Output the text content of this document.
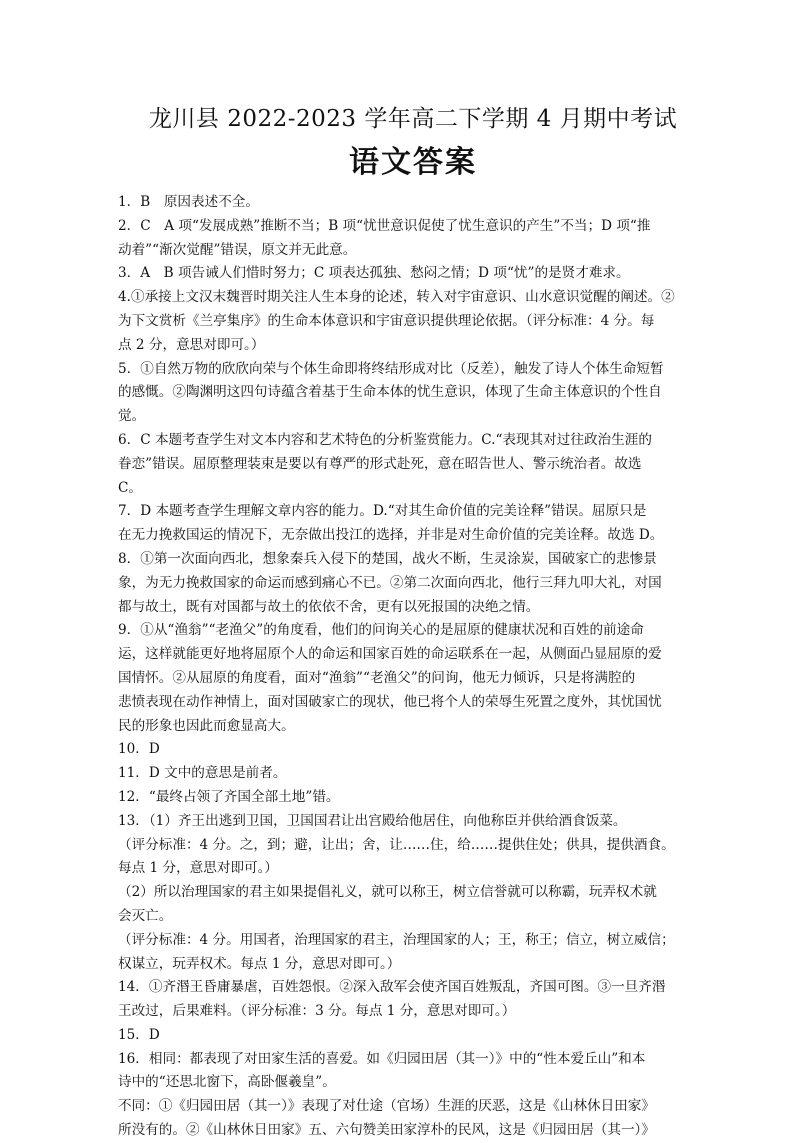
龙川县 2022-2023 学年高二下学期 4 月期中考试
语文答案
1．B　原因表述不全。
2．C　A 项“发展成熟”推断不当；B 项“忧世意识促使了忧生意识的产生”不当；D 项“推
动着”“渐次觉醒”错误，原文并无此意。
3．A　B 项告诫人们惜时努力；C 项表达孤独、愁闷之情；D 项“忧”的是贤才难求。
4.①承接上文汉末魏晋时期关注人生本身的论述，转入对宇宙意识、山水意识觉醒的阐述。②
为下文赏析《兰亭集序》的生命本体意识和宇宙意识提供理论依据。（评分标准：4 分。每
点 2 分，意思对即可。）
5．①自然万物的欣欣向荣与个体生命即将终结形成对比（反差），触发了诗人个体生命短暂
的感慨。②陶渊明这四句诗蕴含着基于生命本体的忧生意识，体现了生命主体意识的个性自
觉。
6．C 本题考查学生对文本内容和艺术特色的分析鉴赏能力。C.“表现其对过往政治生涯的
眷恋”错误。屈原整理装束是要以有尊严的形式赴死，意在昭告世人、警示统治者。故选
C。
7．D 本题考查学生理解文章内容的能力。D.“对其生命价值的完美诠释”错误。屈原只是
在无力挽救国运的情况下，无奈做出投江的选择，并非是对生命价值的完美诠释。故选 D。
8．①第一次面向西北，想象秦兵入侵下的楚国，战火不断，生灵涂炭，国破家亡的悲惨景
象，为无力挽救国家的命运而感到痛心不已。②第二次面向西北，他行三拜九叩大礼，对国
都与故土，既有对国都与故土的依依不舍，更有以死报国的决绝之情。
9．①从“渔翁”“老渔父”的角度看，他们的问询关心的是屈原的健康状况和百姓的前途命
运，这样就能更好地将屈原个人的命运和国家百姓的命运联系在一起，从侧面凸显屈原的爱
国情怀。②从屈原的角度看，面对“渔翁”“老渔父”的问询，他无力倾诉，只是将满腔的
悲愤表现在动作神情上，面对国破家亡的现状，他已将个人的荣辱生死置之度外，其忧国忧
民的形象也因此而愈显高大。
10．D
11．D 文中的意思是前者。
12．“最终占领了齐国全部土地”错。
13．（1）齐王出逃到卫国，卫国国君让出宫殿给他居住，向他称臣并供给酒食饭菜。
（评分标准：4 分。之，到；避，让出；舍，让……住，给……提供住处；供具，提供酒食。
每点 1 分，意思对即可。）
（2）所以治理国家的君主如果提倡礼义，就可以称王，树立信誉就可以称霸，玩弄权术就
会灭亡。
（评分标准：4 分。用国者，治理国家的君主，治理国家的人；王，称王；信立，树立威信；
权谋立，玩弄权术。每点 1 分，意思对即可。）
14．①齐湣王昏庸暴虐，百姓怨恨。②深入敌军会使齐国百姓叛乱，齐国可图。③一旦齐湣
王改过，后果难料。（评分标准：3 分。每点 1 分，意思对即可。）
15．D
16．相同：都表现了对田家生活的喜爱。如《归园田居（其一）》中的“性本爱丘山”和本
诗中的“还思北窗下，高卧偃羲皇”。
不同：①《归园田居（其一）》表现了对仕途（官场）生涯的厌恶，这是《山林休日田家》
所没有的。②《山林休日田家》五、六句赞美田家淳朴的民风，这是《归园田居（其一）》
